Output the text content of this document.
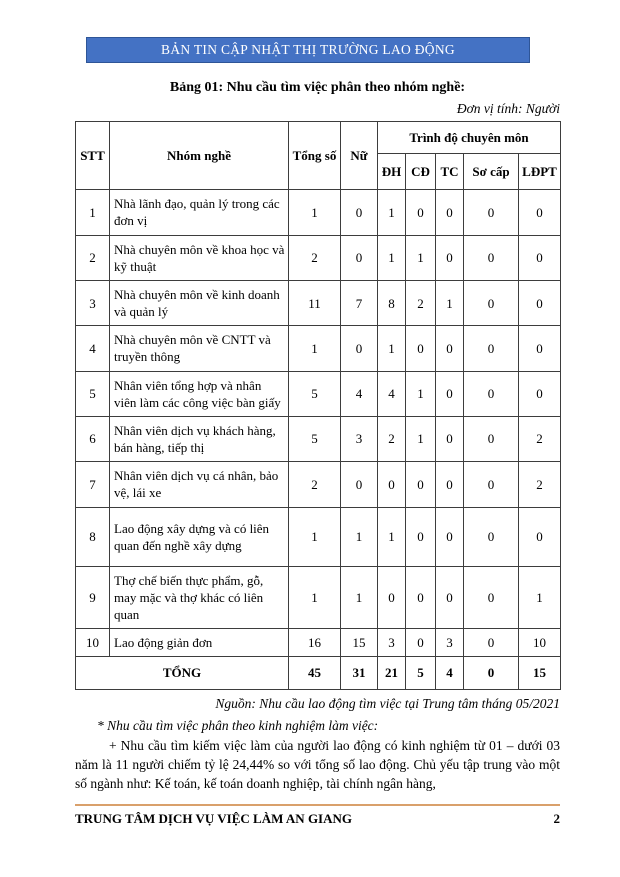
BẢN TIN CẬP NHẬT THỊ TRƯỜNG LAO ĐỘNG
Bảng 01: Nhu cầu tìm việc phân theo nhóm nghề:
Đơn vị tính: Người
STT	Nhóm nghề	Tổng số	Nữ	Trình độ chuyên môn				
				ĐH	CĐ	TC	Sơ cấp	LĐPT
1	Nhà lãnh đạo, quản lý trong các đơn vị	1	0	1	0	0	0	0
2	Nhà chuyên môn về khoa học và kỹ thuật	2	0	1	1	0	0	0
3	Nhà chuyên môn về kinh doanh và quản lý	11	7	8	2	1	0	0
4	Nhà chuyên môn về CNTT và truyền thông	1	0	1	0	0	0	0
5	Nhân viên tổng hợp và nhân viên làm các công việc bàn giấy	5	4	4	1	0	0	0
6	Nhân viên dịch vụ khách hàng, bán hàng, tiếp thị	5	3	2	1	0	0	2
7	Nhân viên dịch vụ cá nhân, bảo vệ, lái xe	2	0	0	0	0	0	2
8	Lao động xây dựng và có liên quan đến nghề xây dựng	1	1	1	0	0	0	0
9	Thợ chế biến thực phẩm, gỗ, may mặc và thợ khác có liên quan	1	1	0	0	0	0	1
10	Lao động giản đơn	16	15	3	0	3	0	10
TỔNG		45	31	21	5	4	0	15
Nguồn: Nhu cầu lao động tìm việc tại Trung tâm tháng 05/2021
* Nhu cầu tìm việc phân theo kinh nghiệm làm việc:
+ Nhu cầu tìm kiếm việc làm của người lao động có kinh nghiệm từ 01 – dưới 03 năm là 11 người chiếm tỷ lệ 24,44% so với tổng số lao động. Chủ yếu tập trung vào một số ngành như: Kế toán, kế toán doanh nghiệp, tài chính ngân hàng,
TRUNG TÂM DỊCH VỤ VIỆC LÀM AN GIANG	2
